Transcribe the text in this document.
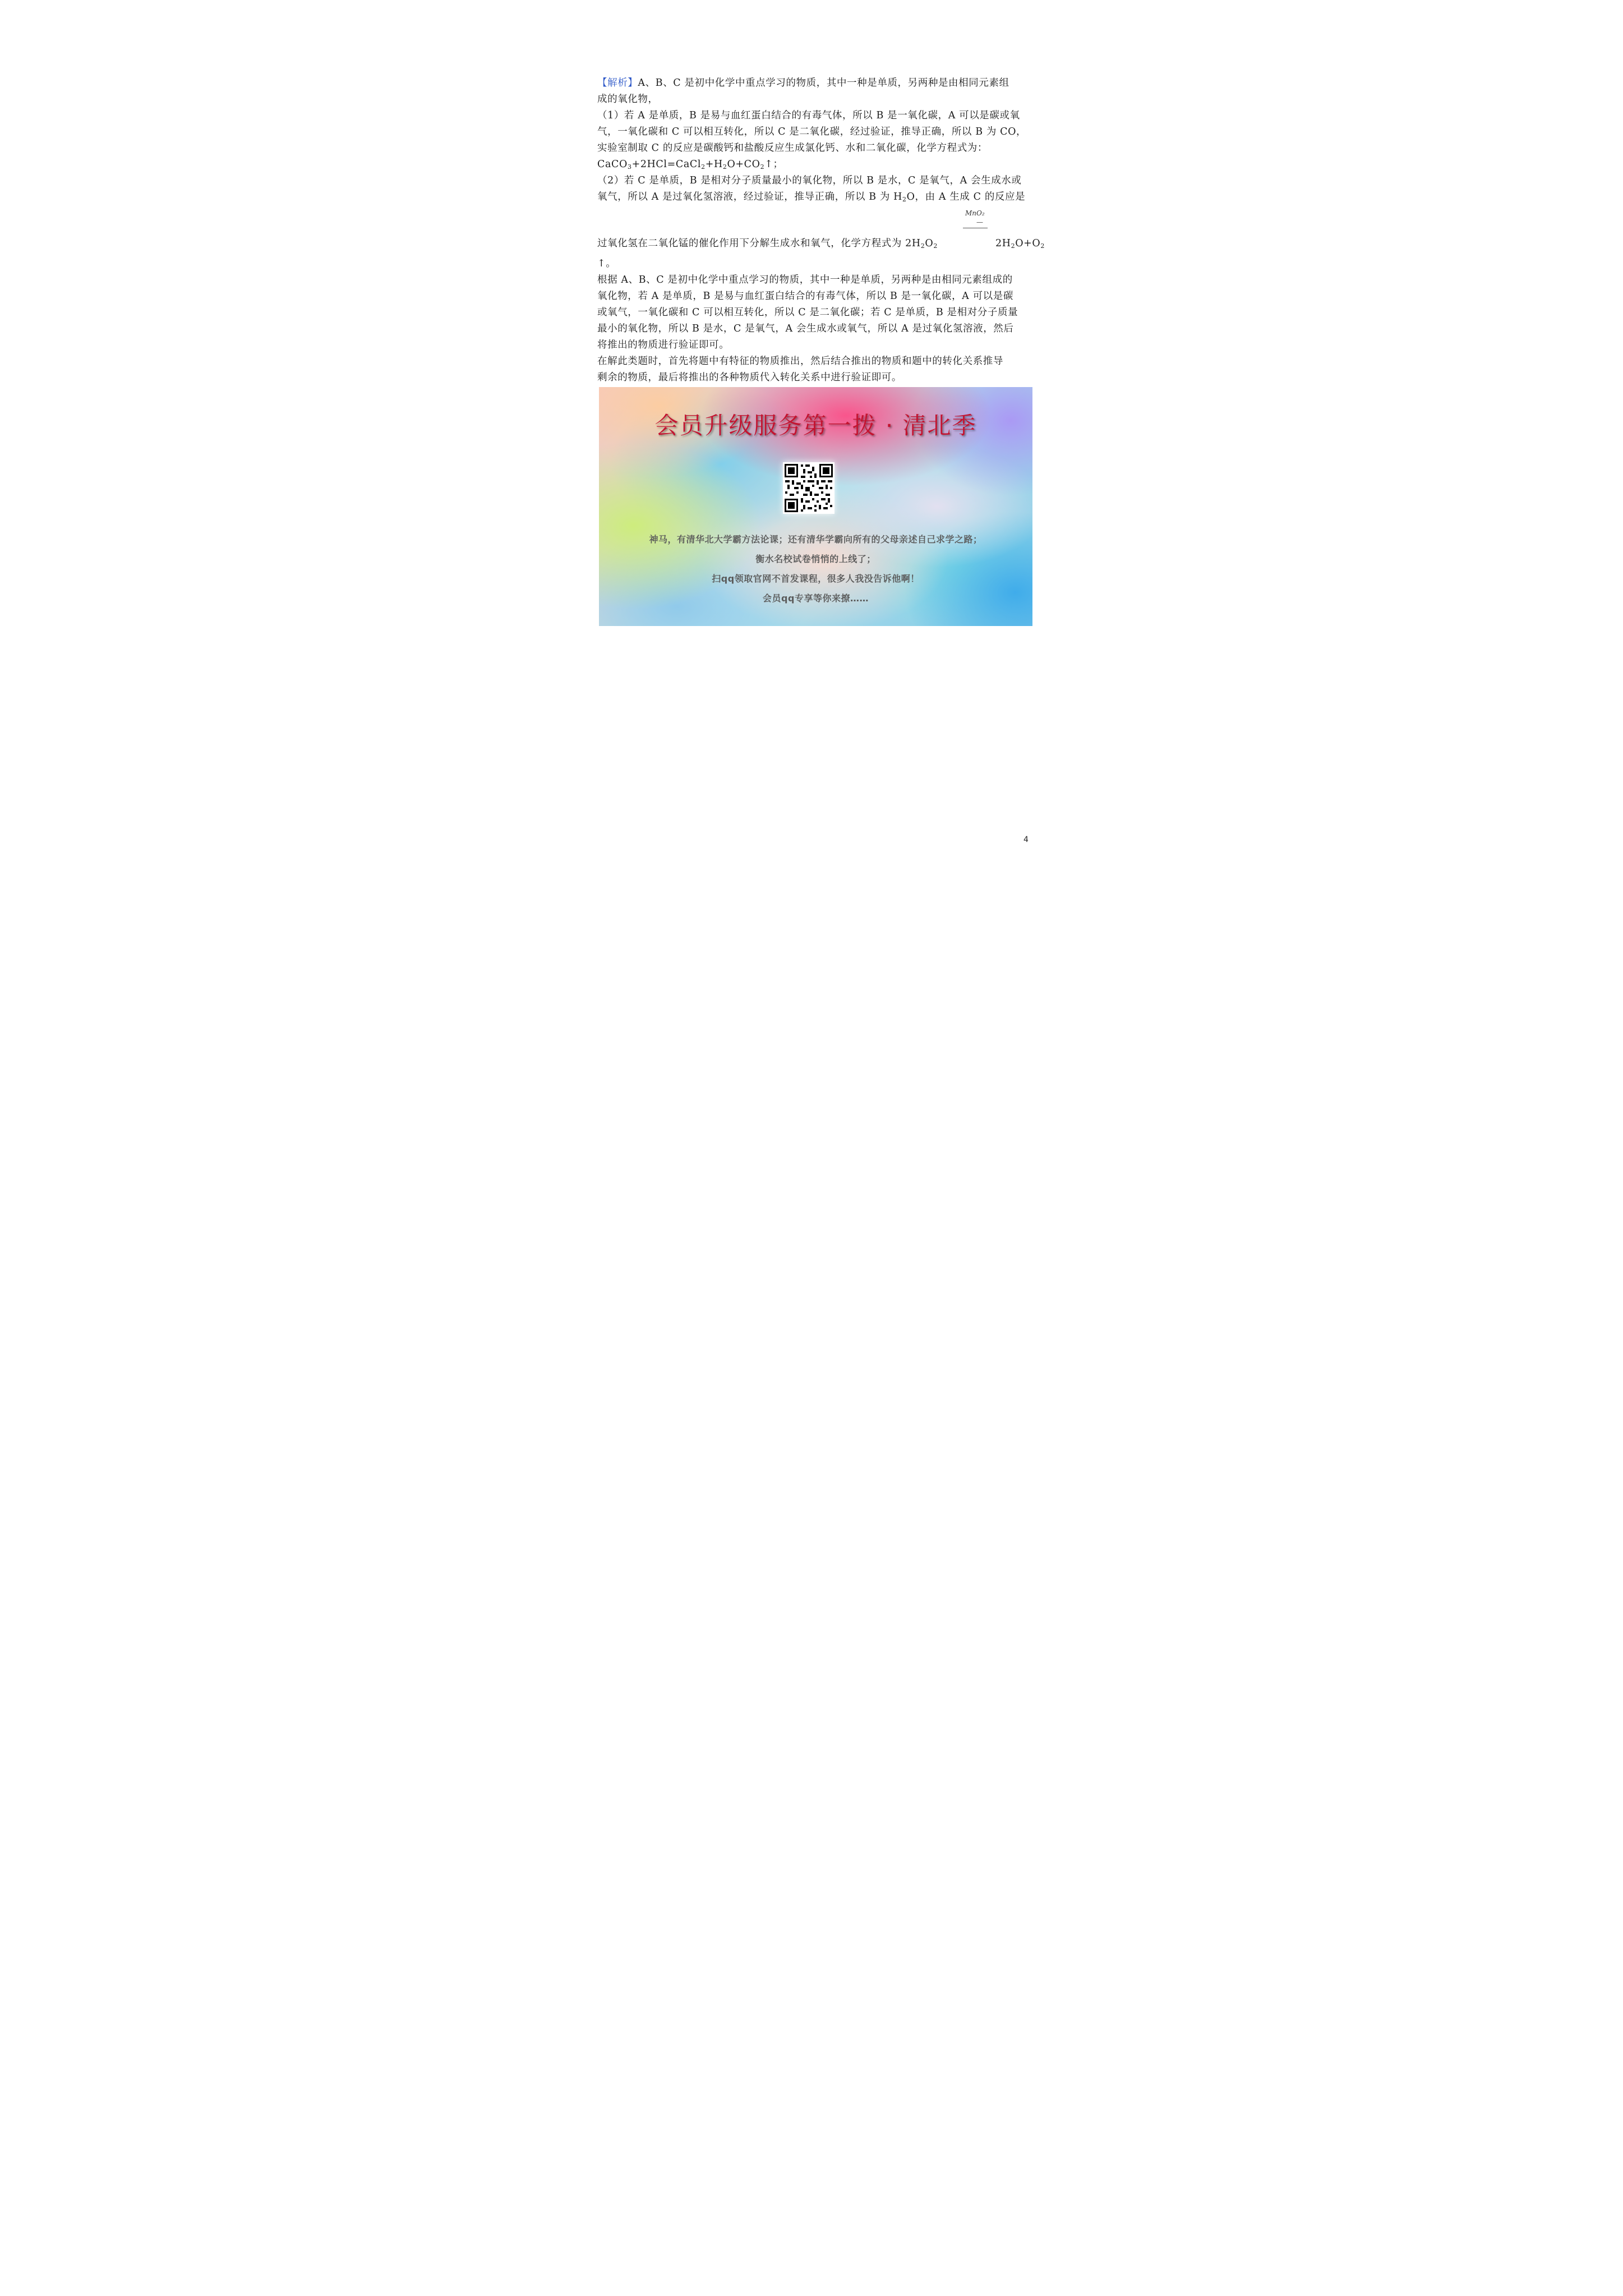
【解析】A、B、C 是初中化学中重点学习的物质，其中一种是单质，另两种是由相同元素组
成的氧化物，
（1）若 A 是单质，B 是易与血红蛋白结合的有毒气体，所以 B 是一氧化碳，A 可以是碳或氧
气，一氧化碳和 C 可以相互转化，所以 C 是二氧化碳，经过验证，推导正确，所以 B 为 CO，
实验室制取 C 的反应是碳酸钙和盐酸反应生成氯化钙、水和二氧化碳，化学方程式为：
$CaCO_3+2HCl=CaCl_2+H_2O+CO_2↑$；
（2）若 C 是单质，B 是相对分子质量最小的氧化物，所以 B 是水，C 是氧气，A 会生成水或
氧气，所以 A 是过氧化氢溶液，经过验证，推导正确，所以 B 为 $H_2O$，由 A 生成 C 的反应是
MnO₂
—
过氧化氢在二氧化锰的催化作用下分解生成水和氧气，化学方程式为 $2H_2O_2$	$2H_2O+O_2$
↑。
根据 A、B、C 是初中化学中重点学习的物质，其中一种是单质，另两种是由相同元素组成的
氧化物，若 A 是单质，B 是易与血红蛋白结合的有毒气体，所以 B 是一氧化碳，A 可以是碳
或氧气，一氧化碳和 C 可以相互转化，所以 C 是二氧化碳；若 C 是单质，B 是相对分子质量
最小的氧化物，所以 B 是水，C 是氧气，A 会生成水或氧气，所以 A 是过氧化氢溶液，然后
将推出的物质进行验证即可。
在解此类题时，首先将题中有特征的物质推出，然后结合推出的物质和题中的转化关系推导
剩余的物质，最后将推出的各种物质代入转化关系中进行验证即可。
会员升级服务第一拨 · 清北季
神马，有清华北大学霸方法论课；还有清华学霸向所有的父母亲述自己求学之路；
衡水名校试卷悄悄的上线了；
扫qq领取官网不首发课程，很多人我没告诉他啊！
会员qq专享等你来撩……
4
